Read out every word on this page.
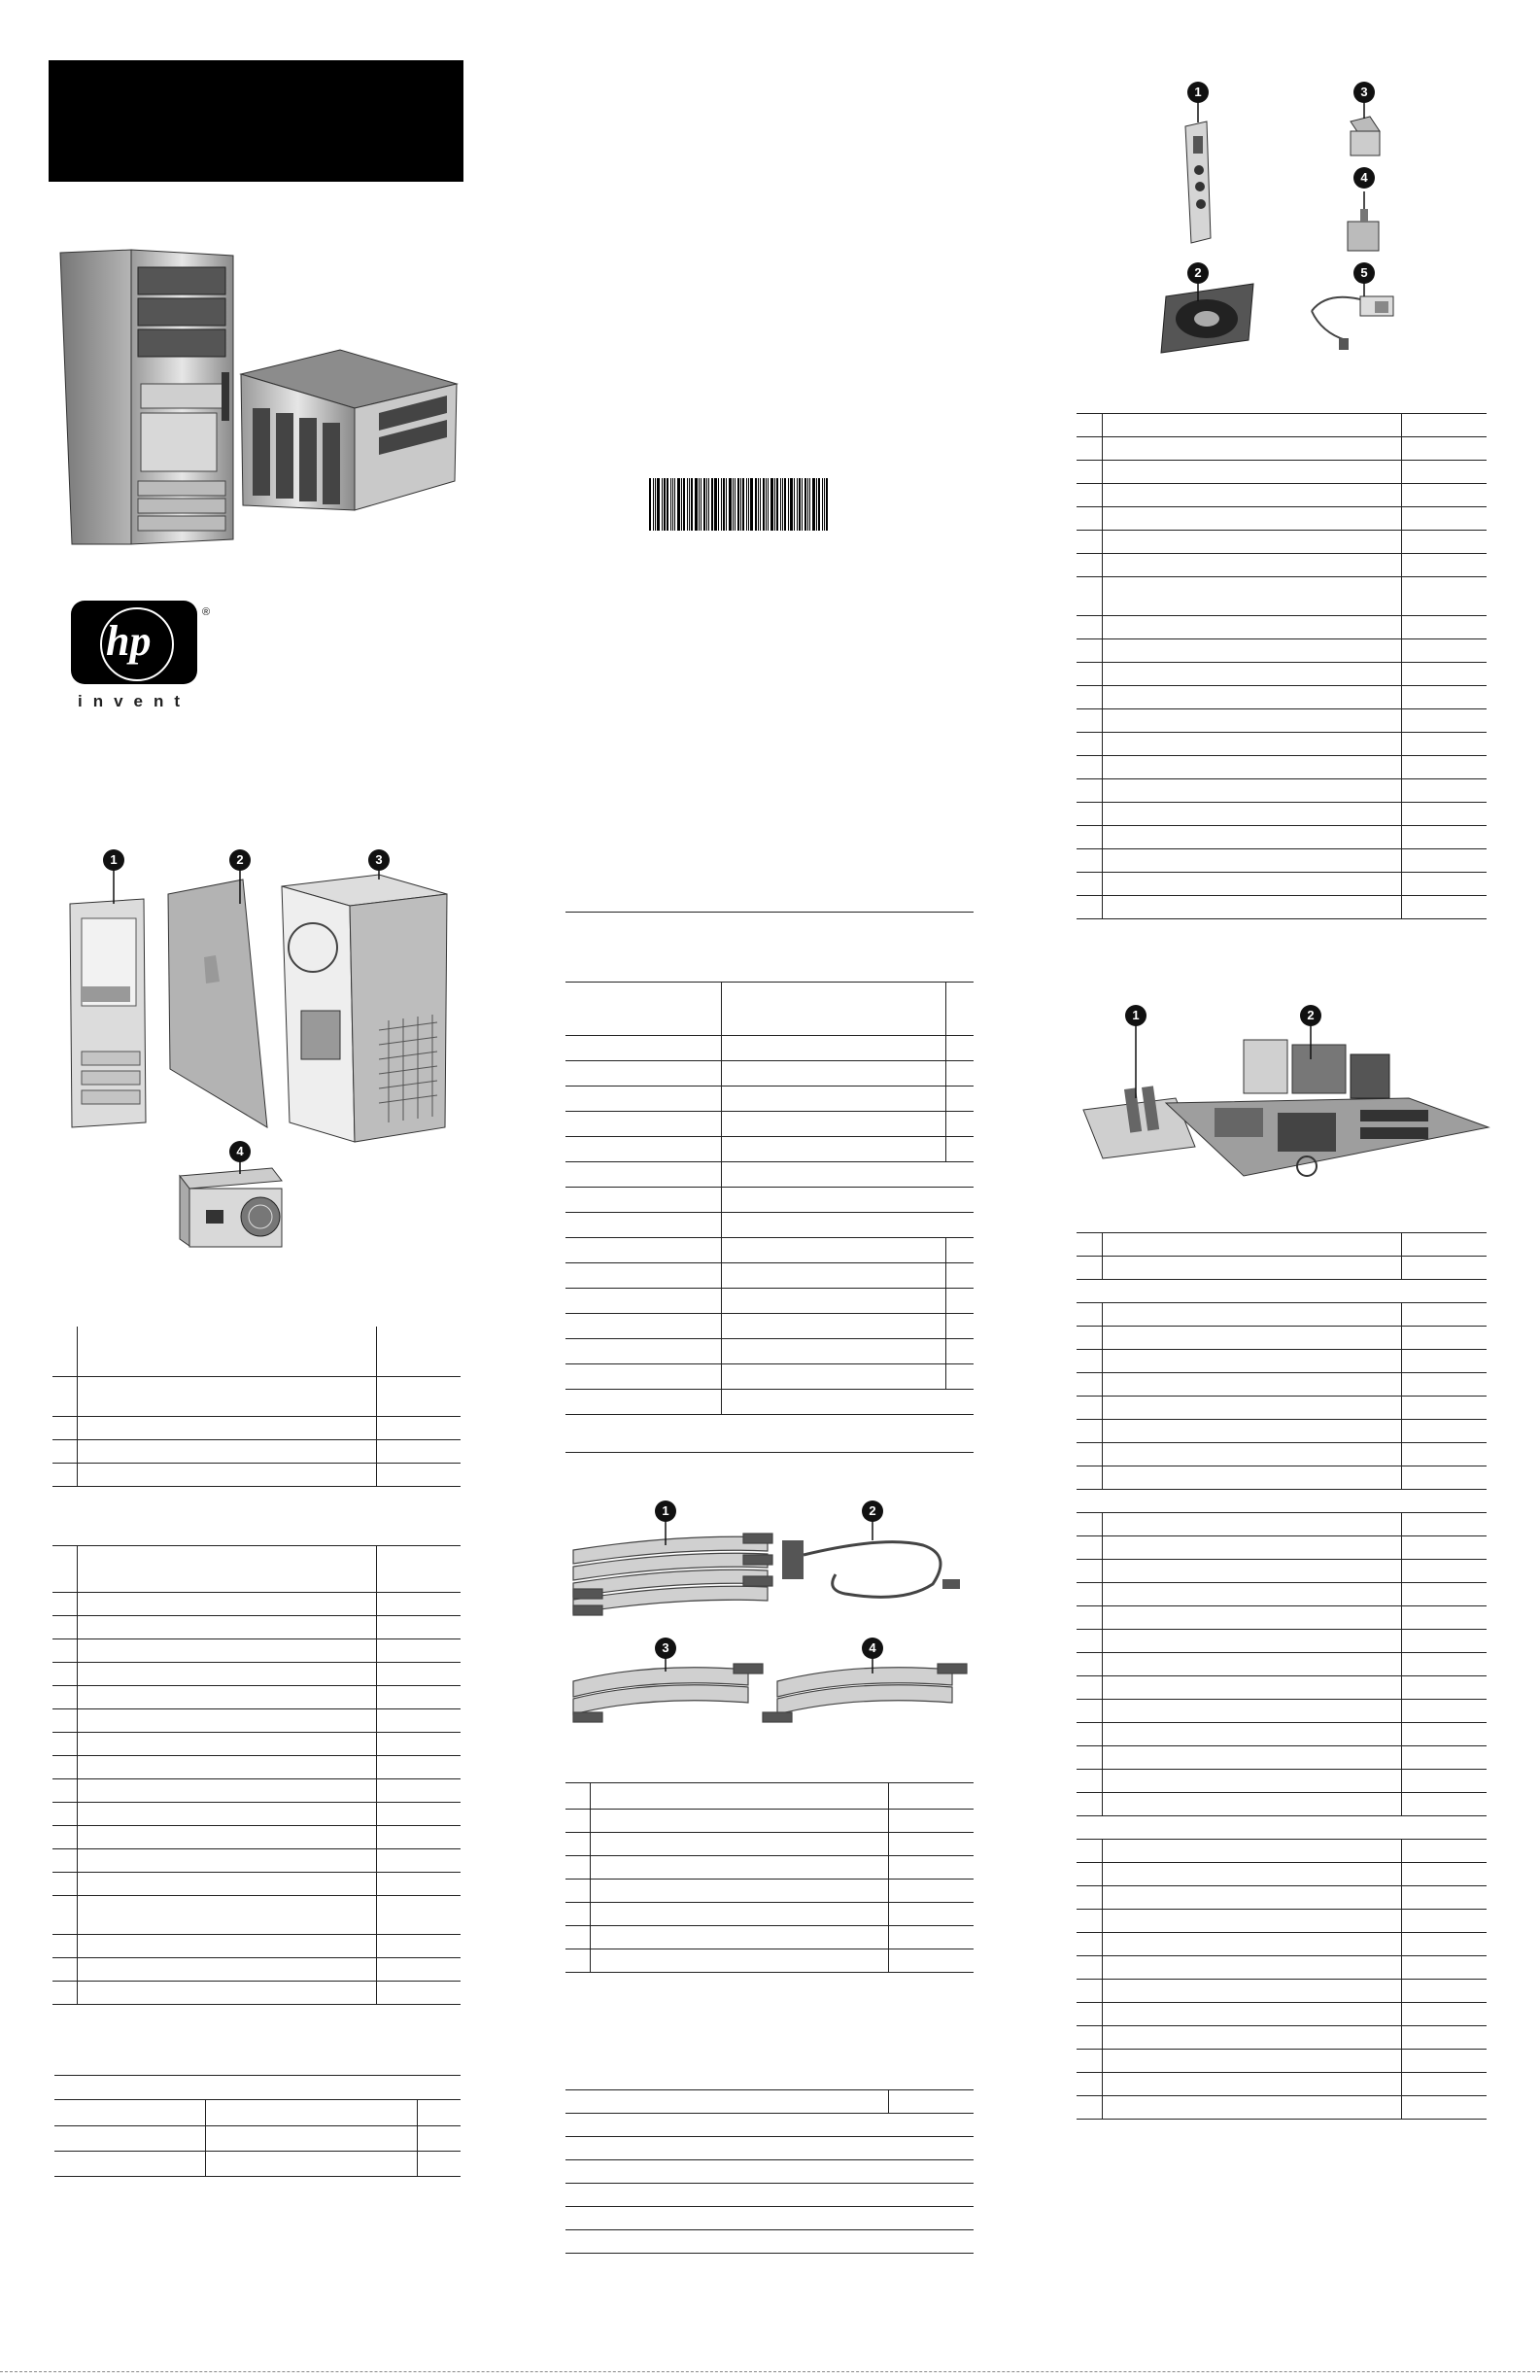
hp
®
invent
1	2	3
4

1	2
3	4

1	3
4
2	5

1	2
